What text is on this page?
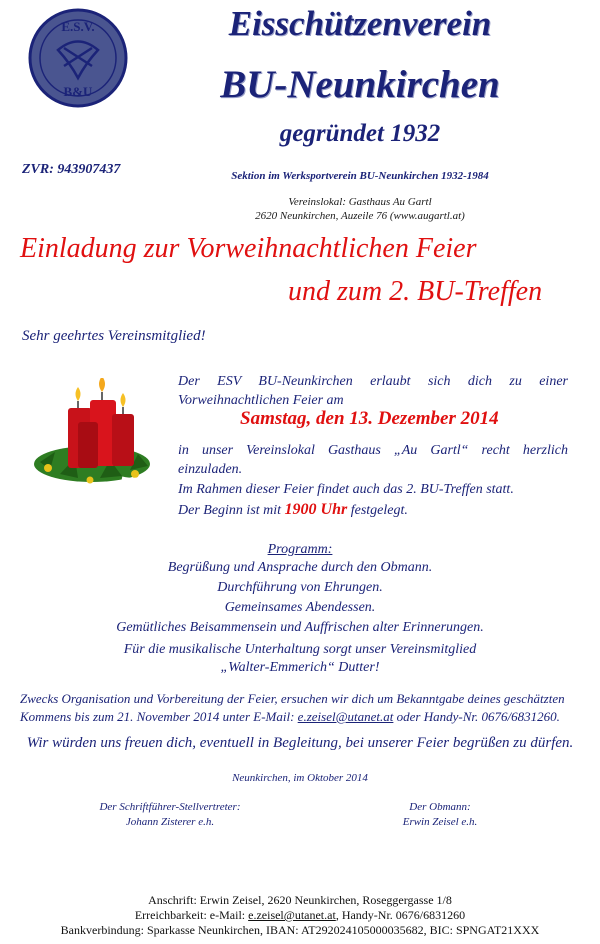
E.S.V.
B&U
Eisschützenverein
BU-Neunkirchen
gegründet 1932
ZVR: 943907437	Sektion im Werksportverein BU-Neunkirchen 1932-1984
Vereinslokal: Gasthaus Au Gartl
2620 Neunkirchen, Auzeile 76 (www.augartl.at)
Einladung zur Vorweihnachtlichen Feier
und zum 2. BU-Treffen
Sehr geehrtes Vereinsmitglied!
Der ESV BU-Neunkirchen erlaubt sich dich zu einer
Vorweihnachtlichen Feier am
Samstag, den 13. Dezember 2014
in unser Vereinslokal Gasthaus „Au Gartl“ recht herzlich
einzuladen.
Im Rahmen dieser Feier findet auch das 2. BU-Treffen statt.
Der Beginn ist mit 1900 Uhr festgelegt.
Programm:
Begrüßung und Ansprache durch den Obmann.
Durchführung von Ehrungen.
Gemeinsames Abendessen.
Gemütliches Beisammensein und Auffrischen alter Erinnerungen.
Für die musikalische Unterhaltung sorgt unser Vereinsmitglied
„Walter-Emmerich“ Dutter!
Zwecks Organisation und Vorbereitung der Feier, ersuchen wir dich um Bekanntgabe deines geschätzten
Kommens bis zum 21. November 2014 unter E-Mail: e.zeisel@utanet.at oder Handy-Nr. 0676/6831260.
Wir würden uns freuen dich, eventuell in Begleitung, bei unserer Feier begrüßen zu dürfen.
Neunkirchen, im Oktober 2014
Der Schriftführer-Stellvertreter:
Johann Zisterer e.h.
Der Obmann:
Erwin Zeisel e.h.
Anschrift: Erwin Zeisel, 2620 Neunkirchen, Roseggergasse 1/8
Erreichbarkeit: e-Mail: e.zeisel@utanet.at, Handy-Nr. 0676/6831260
Bankverbindung: Sparkasse Neunkirchen, IBAN: AT292024105000035682, BIC: SPNGAT21XXX
